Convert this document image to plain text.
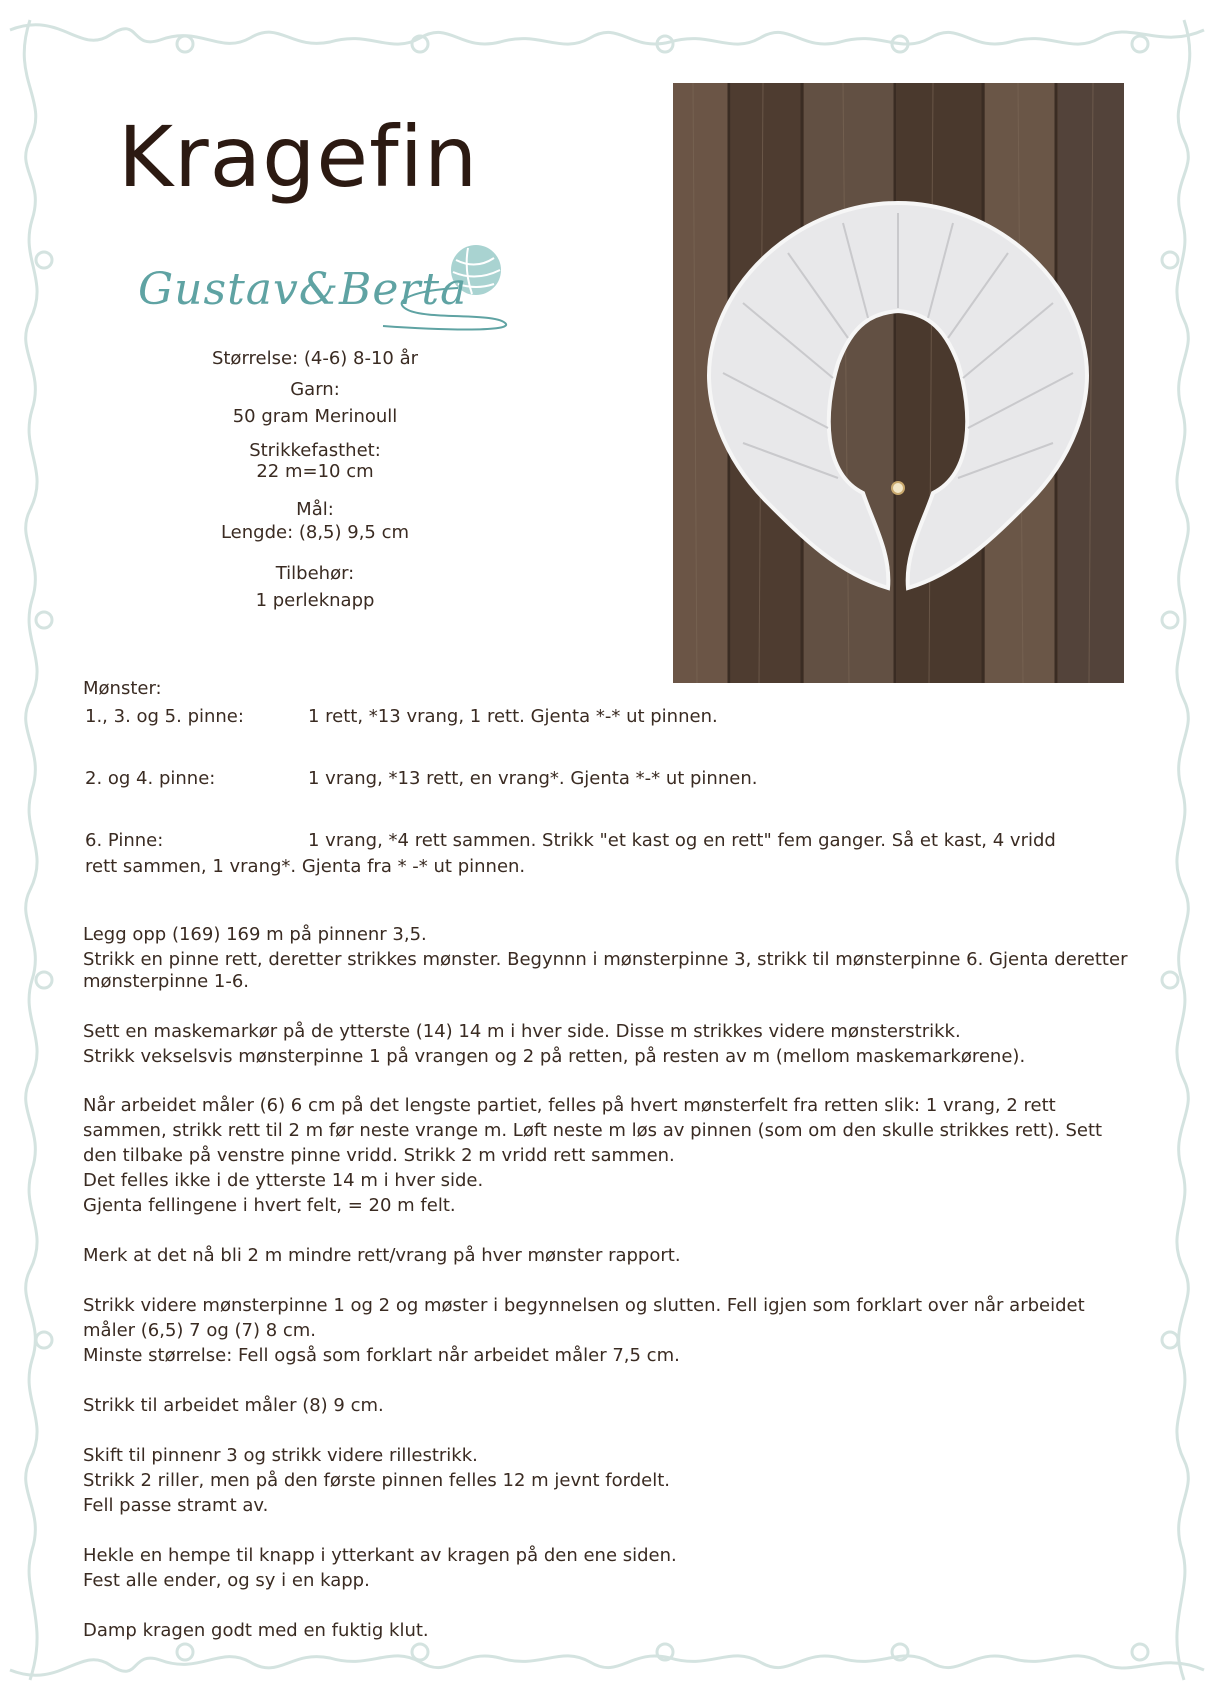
Kragefin
Gustav&Berta

Størrelse: (4-6) 8-10 år

Garn:

50 gram Merinoull

Strikkefasthet:

22 m=10 cm

Mål:

Lengde: (8,5) 9,5 cm

Tilbehør:

1 perleknapp

Mønster:
1., 3. og 5. pinne:	1 rett, *13 vrang, 1 rett. Gjenta *-* ut pinnen.
2. og 4. pinne:	1 vrang, *13 rett, en vrang*. Gjenta *-* ut pinnen.
6. Pinne:	1 vrang, *4 rett sammen. Strikk "et kast og en rett" fem ganger. Så et kast, 4 vridd
rett sammen, 1 vrang*. Gjenta fra * -* ut pinnen.

Legg opp (169) 169 m på pinnenr 3,5.

Strikk en pinne rett, deretter strikkes mønster. Begynnn i mønsterpinne 3, strikk til mønsterpinne 6. Gjenta deretter mønsterpinne 1-6.

Sett en maskemarkør på de ytterste (14) 14 m i hver side. Disse m strikkes videre mønsterstrikk.

Strikk vekselsvis mønsterpinne 1 på vrangen og 2 på retten, på resten av m (mellom maskemarkørene).

Når arbeidet måler (6) 6 cm på det lengste partiet, felles på hvert mønsterfelt fra retten slik: 1 vrang, 2 rett sammen, strikk rett til 2 m før neste vrange m. Løft neste m løs av pinnen (som om den skulle strikkes rett). Sett den tilbake på venstre pinne vridd. Strikk 2 m vridd rett sammen.

Det felles ikke i de ytterste 14 m i hver side.

Gjenta fellingene i hvert felt, = 20 m felt.

Merk at det nå bli 2 m mindre rett/vrang på hver mønster rapport.

Strikk videre mønsterpinne 1 og 2 og møster i begynnelsen og slutten. Fell igjen som forklart over når arbeidet måler (6,5) 7 og (7) 8 cm.

Minste størrelse: Fell også som forklart når arbeidet måler 7,5 cm.

Strikk til arbeidet måler (8) 9 cm.

Skift til pinnenr 3 og strikk videre rillestrikk.

Strikk 2 riller, men på den første pinnen felles 12 m jevnt fordelt.

Fell passe stramt av.

Hekle en hempe til knapp i ytterkant av kragen på den ene siden.

Fest alle ender, og sy i en kapp.

Damp kragen godt med en fuktig klut.
